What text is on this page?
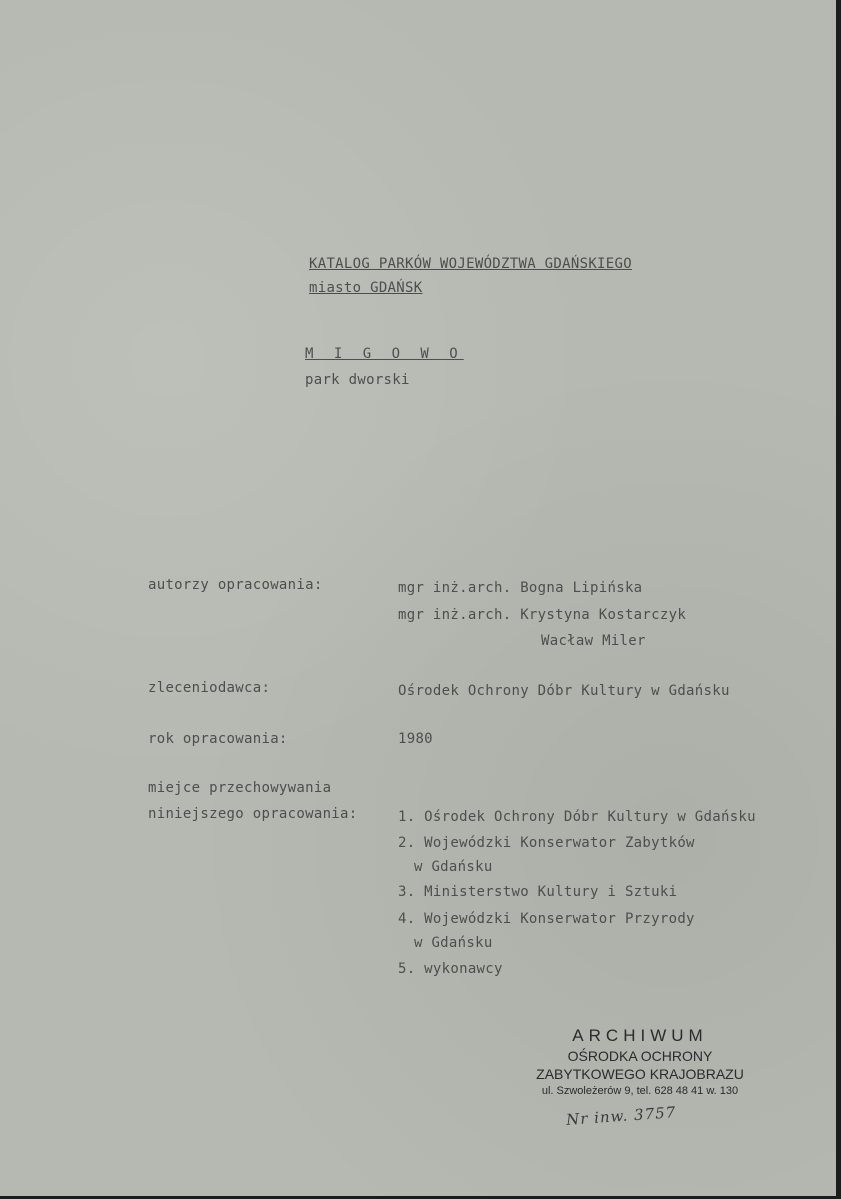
KATALOG PARKÓW WOJEWÓDZTWA GDAŃSKIEGO
miasto GDAŃSK
M I G O W O
park dworski
autorzy opracowania:	mgr inż.arch. Bogna Lipińska
mgr inż.arch. Krystyna Kostarczyk
Wacław Miler
zleceniodawca:	Ośrodek Ochrony Dóbr Kultury w Gdańsku
rok opracowania:	1980
miejce przechowywania
niniejszego opracowania:	1. Ośrodek Ochrony Dóbr Kultury w Gdańsku
2. Wojewódzki Konserwator Zabytków
w Gdańsku
3. Ministerstwo Kultury i Sztuki
4. Wojewódzki Konserwator Przyrody
w Gdańsku
5. wykonawcy
ARCHIWUM
OŚRODKA OCHRONY
ZABYTKOWEGO KRAJOBRAZU
ul. Szwoleżerów 9, tel. 628 48 41 w. 130
Nr inw. 3757
